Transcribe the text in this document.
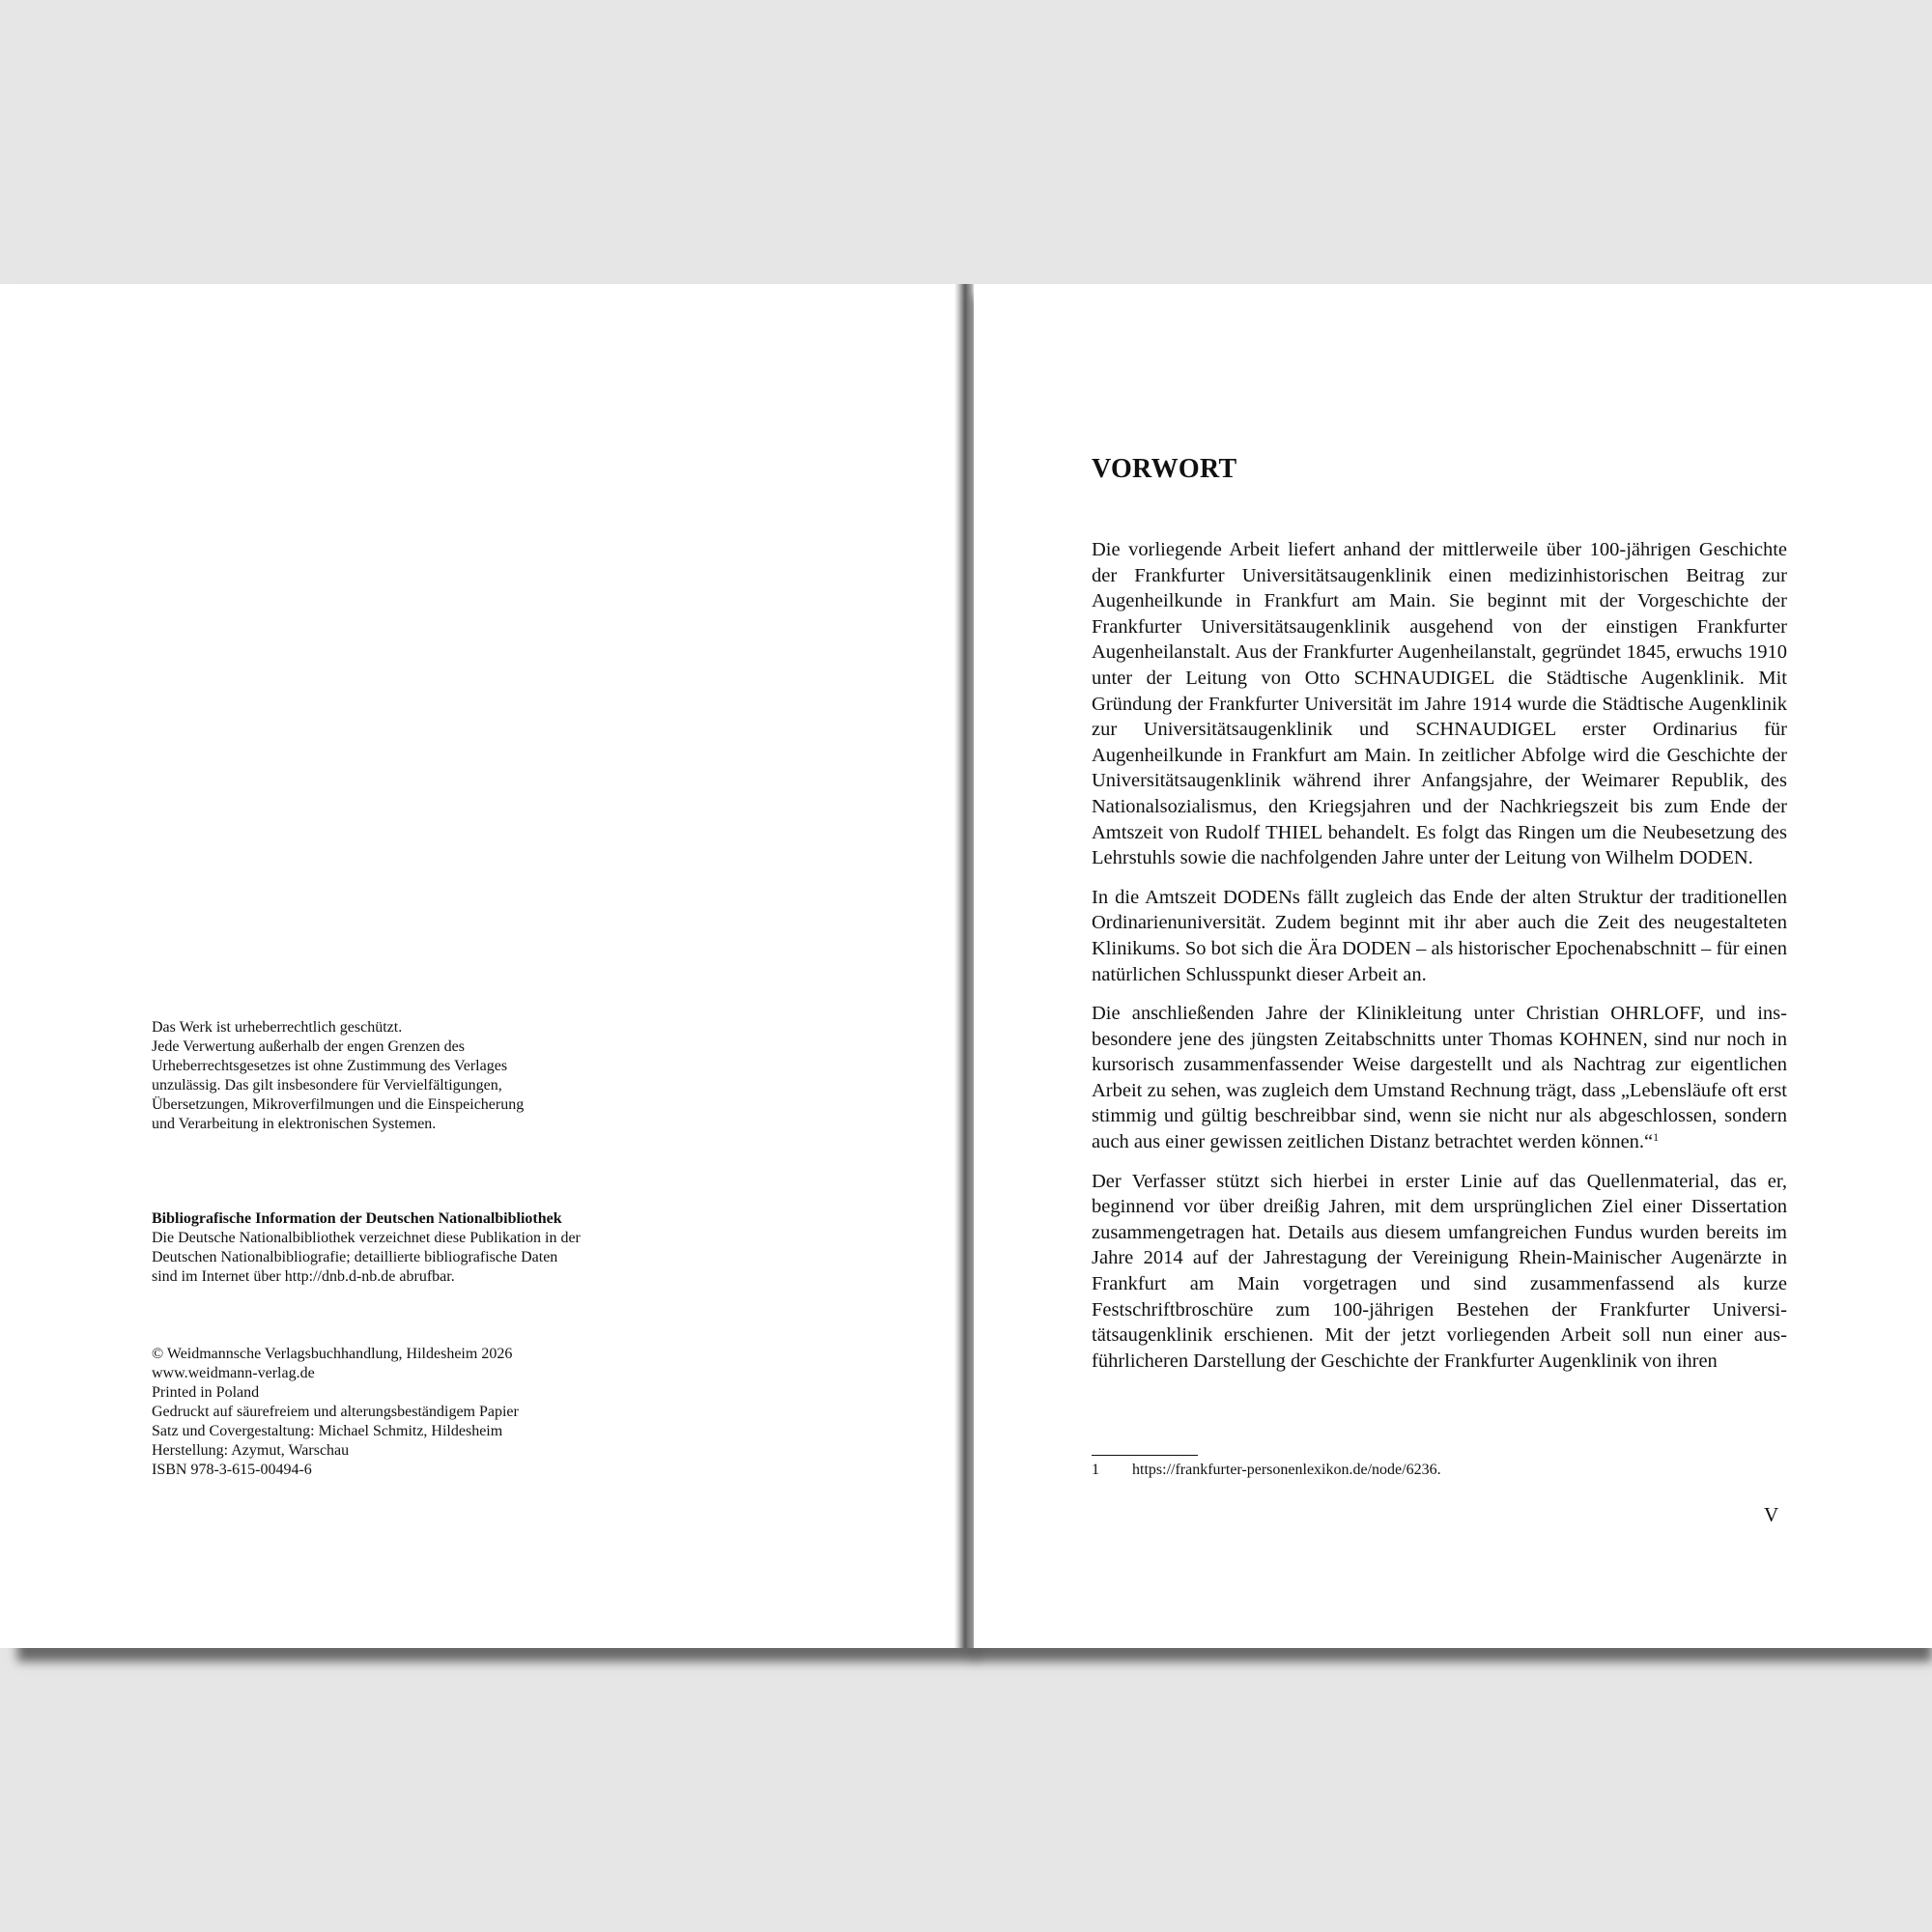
Das Werk ist urheberrechtlich geschützt.
Jede Verwertung außerhalb der engen Grenzen des
Urheberrechtsgesetzes ist ohne Zustimmung des Verlages
unzulässig. Das gilt insbesondere für Vervielfältigungen,
Übersetzungen, Mikroverfilmungen und die Einspeicherung
und Verarbeitung in elektronischen Systemen.
Bibliografische Information der Deutschen Nationalbibliothek
Die Deutsche Nationalbibliothek verzeichnet diese Publikation in der
Deutschen Nationalbibliografie; detaillierte bibliografische Daten
sind im Internet über http://dnb.d-nb.de abrufbar.
© Weidmannsche Verlagsbuchhandlung, Hildesheim 2026
www.weidmann-verlag.de
Printed in Poland
Gedruckt auf säurefreiem und alterungsbeständigem Papier
Satz und Covergestaltung: Michael Schmitz, Hildesheim
Herstellung: Azymut, Warschau
ISBN 978-3-615-00494-6
VORWORT

Die vorliegende Arbeit liefert anhand der mittlerweile über 100-jährigen Geschichte der Frankfurter Universitätsaugenklinik einen medizinhistorischen Beitrag zur Augenheilkunde in Frankfurt am Main. Sie beginnt mit der Vorgeschichte der Frankfurter Universitätsaugenklinik ausgehend von der einstigen Frankfurter Augenheilanstalt. Aus der Frankfurter Augenheilanstalt, gegründet 1845, erwuchs 1910 unter der Leitung von Otto SCHNAUDIGEL die Städtische Augenklinik. Mit Gründung der Frankfurter Universität im Jahre 1914 wurde die Städtische Augenklinik zur Universitätsaugenklinik und SCHNAUDIGEL erster Ordinarius für Augenheilkunde in Frankfurt am Main. In zeitlicher Abfolge wird die Geschichte der Universitätsaugenklinik während ihrer Anfangsjahre, der Weimarer Republik, des Nationalsozialismus, den Kriegsjahren und der Nachkriegszeit bis zum Ende der Amtszeit von Rudolf THIEL behandelt. Es folgt das Ringen um die Neubesetzung des Lehrstuhls sowie die nachfolgenden Jahre unter der Leitung von Wilhelm DODEN.

In die Amtszeit DODENs fällt zugleich das Ende der alten Struktur der traditionellen Ordinarienuniversität. Zudem beginnt mit ihr aber auch die Zeit des neugestalteten Klinikums. So bot sich die Ära DODEN – als historischer Epochenabschnitt – für einen natürlichen Schlusspunkt dieser Arbeit an.

Die anschließenden Jahre der Klinikleitung unter Christian OHRLOFF, und insbesondere jene des jüngsten Zeitabschnitts unter Thomas KOHNEN, sind nur noch in kursorisch zusammenfassender Weise dargestellt und als Nachtrag zur eigentlichen Arbeit zu sehen, was zugleich dem Umstand Rechnung trägt, dass „Lebensläufe oft erst stimmig und gültig beschreibbar sind, wenn sie nicht nur als abgeschlossen, sondern auch aus einer gewissen zeitlichen Distanz betrachtet werden können.“$^1$

Der Verfasser stützt sich hierbei in erster Linie auf das Quellenmaterial, das er, beginnend vor über dreißig Jahren, mit dem ursprünglichen Ziel einer Dissertation zusammengetragen hat. Details aus diesem umfangreichen Fundus wurden bereits im Jahre 2014 auf der Jahrestagung der Vereinigung Rhein-Mainischer Augenärzte in Frankfurt am Main vorgetragen und sind zusammenfassend als kurze Festschriftbroschüre zum 100-jährigen Bestehen der Frankfurter Universitätsaugenklinik erschienen. Mit der jetzt vorliegenden Arbeit soll nun einer ausführlicheren Darstellung der Geschichte der Frankfurter Augenklinik von ihren

1 https://frankfurter-personenlexikon.de/node/6236.
V
